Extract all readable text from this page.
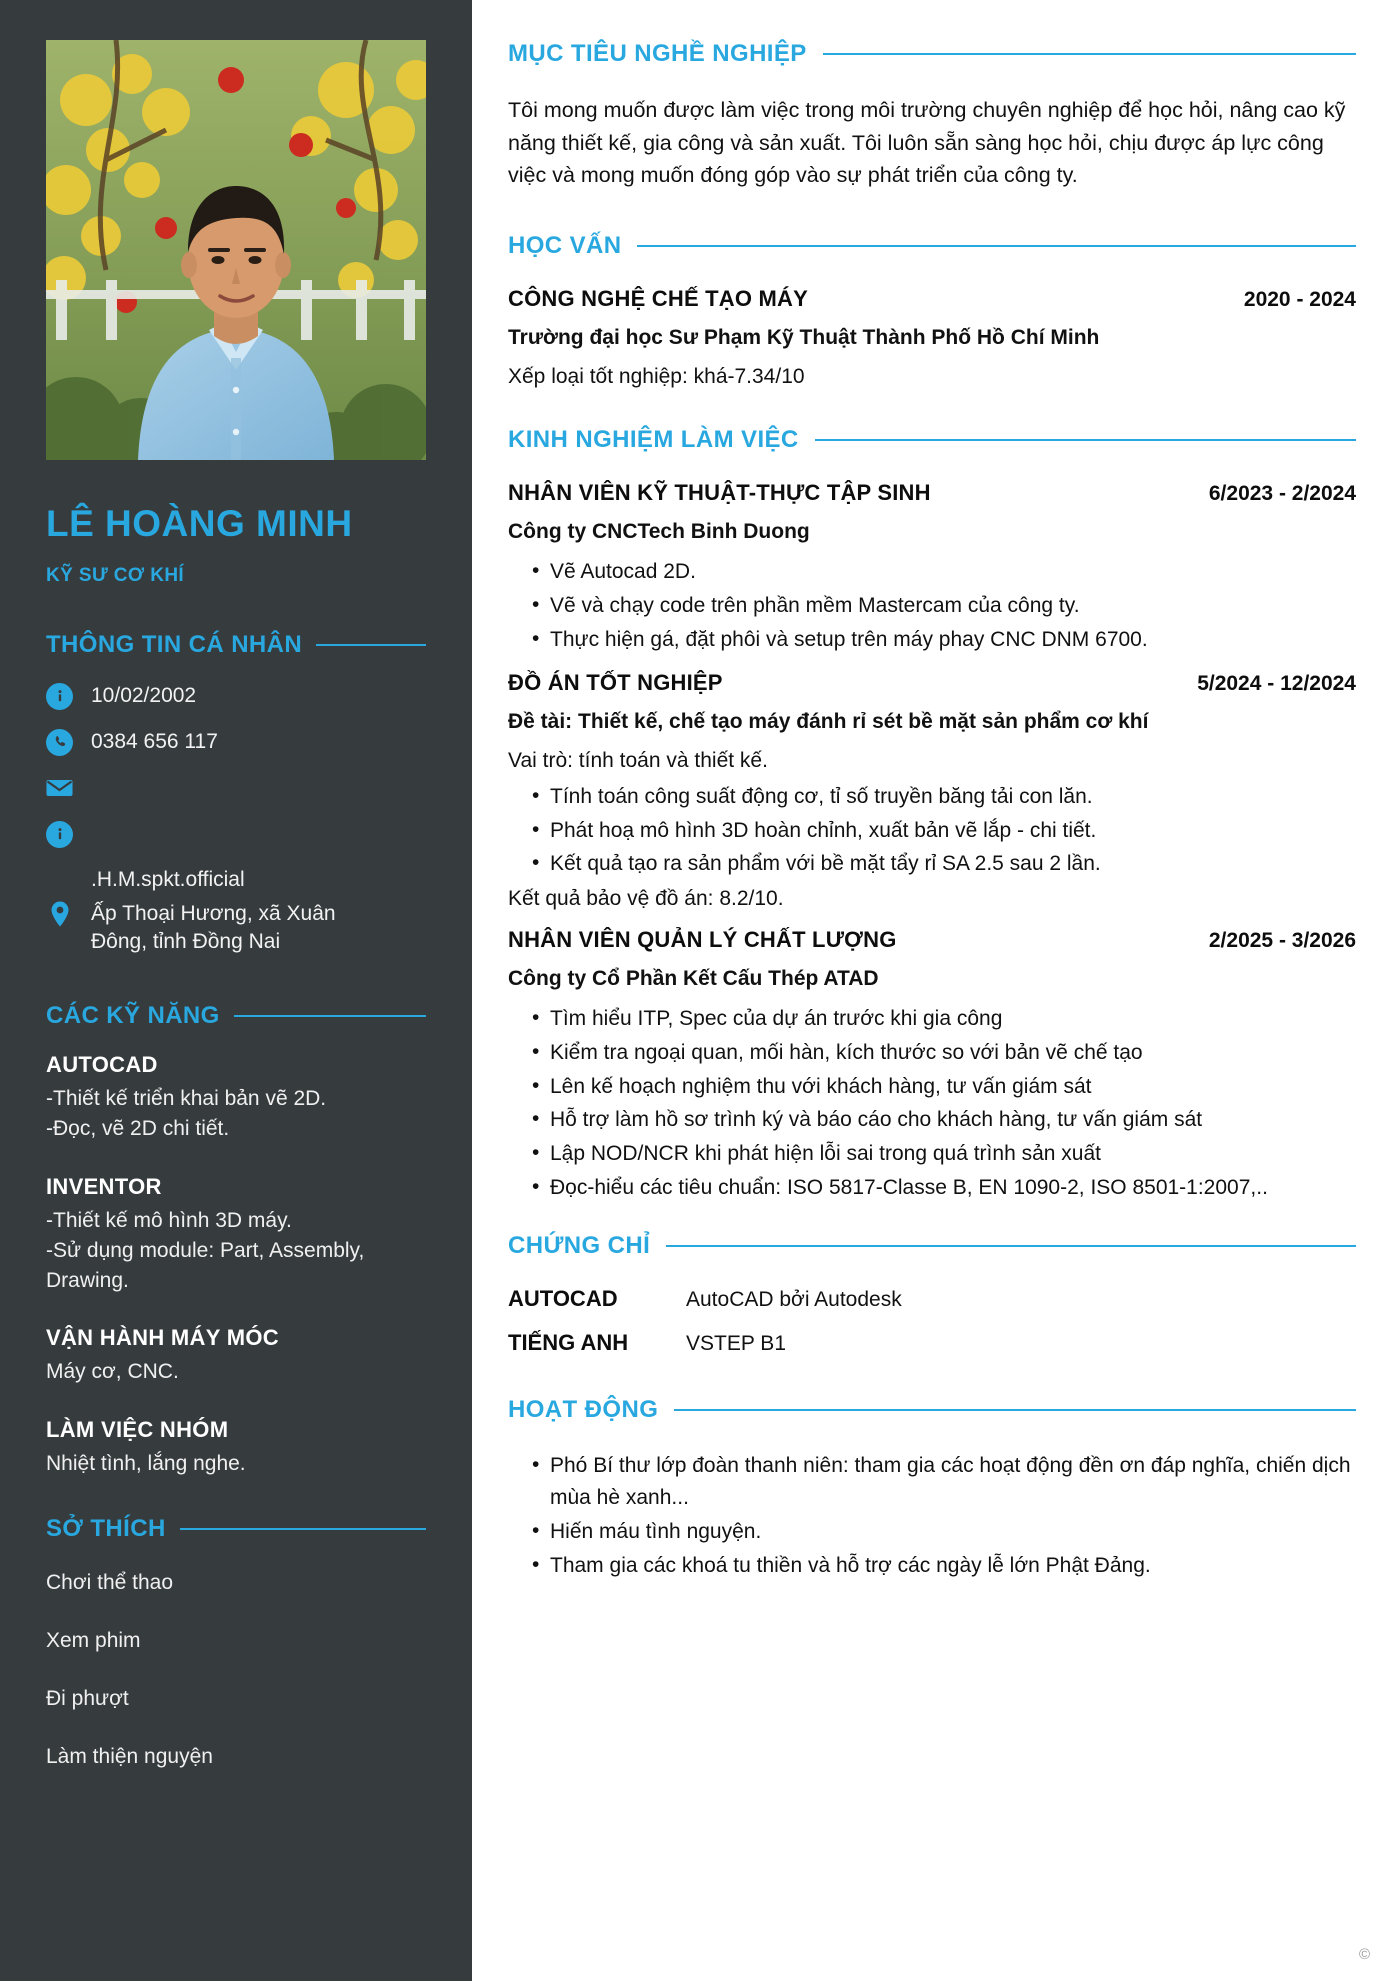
LÊ HOÀNG MINH
KỸ SƯ CƠ KHÍ
THÔNG TIN CÁ NHÂN
10/02/2002
0384 656 117
.H.M.spkt.official
Ấp Thoại Hương, xã Xuân Đông, tỉnh Đồng Nai
CÁC KỸ NĂNG
AUTOCAD
-Thiết kế triển khai bản vẽ 2D.
-Đọc, vẽ 2D chi tiết.
INVENTOR
-Thiết kế mô hình 3D máy.
-Sử dụng module: Part, Assembly, Drawing.
VẬN HÀNH MÁY MÓC
Máy cơ, CNC.
LÀM VIỆC NHÓM
Nhiệt tình, lắng nghe.
SỞ THÍCH
Chơi thể thao
Xem phim
Đi phượt
Làm thiện nguyện
MỤC TIÊU NGHỀ NGHIỆP

Tôi mong muốn được làm việc trong môi trường chuyên nghiệp để học hỏi, nâng cao kỹ năng thiết kế, gia công và sản xuất. Tôi luôn sẵn sàng học hỏi, chịu được áp lực công việc và mong muốn đóng góp vào sự phát triển của công ty.

HỌC VẤN
CÔNG NGHỆ CHẾ TẠO MÁY	2020 - 2024
Trường đại học Sư Phạm Kỹ Thuật Thành Phố Hồ Chí Minh
Xếp loại tốt nghiệp: khá-7.34/10
KINH NGHIỆM LÀM VIỆC
NHÂN VIÊN KỸ THUẬT-THỰC TẬP SINH	6/2023 - 2/2024
Công ty CNCTech Binh Duong
• Vẽ Autocad 2D.
• Vẽ và chạy code trên phần mềm Mastercam của công ty.
• Thực hiện gá, đặt phôi và setup trên máy phay CNC DNM 6700.
ĐỒ ÁN TỐT NGHIỆP	5/2024 - 12/2024
Đề tài: Thiết kế, chế tạo máy đánh rỉ sét bề mặt sản phẩm cơ khí
Vai trò: tính toán và thiết kế.
• Tính toán công suất động cơ, tỉ số truyền băng tải con lăn.
• Phát hoạ mô hình 3D hoàn chỉnh, xuất bản vẽ lắp - chi tiết.
• Kết quả tạo ra sản phẩm với bề mặt tẩy rỉ SA 2.5 sau 2 lần.
Kết quả bảo vệ đồ án: 8.2/10.
NHÂN VIÊN QUẢN LÝ CHẤT LƯỢNG	2/2025 - 3/2026
Công ty Cổ Phần Kết Cấu Thép ATAD
• Tìm hiểu ITP, Spec của dự án trước khi gia công
• Kiểm tra ngoại quan, mối hàn, kích thước so với bản vẽ chế tạo
• Lên kế hoạch nghiệm thu với khách hàng, tư vấn giám sát
• Hỗ trợ làm hồ sơ trình ký và báo cáo cho khách hàng, tư vấn giám sát
• Lập NOD/NCR khi phát hiện lỗi sai trong quá trình sản xuất
• Đọc-hiểu các tiêu chuẩn: ISO 5817-Classe B, EN 1090-2, ISO 8501-1:2007,..
CHỨNG CHỈ
AUTOCAD	AutoCAD bởi Autodesk
TIẾNG ANH	VSTEP B1
HOẠT ĐỘNG
• Phó Bí thư lớp đoàn thanh niên: tham gia các hoạt động đền ơn đáp nghĩa, chiến dịch mùa hè xanh...
• Hiến máu tình nguyện.
• Tham gia các khoá tu thiền và hỗ trợ các ngày lễ lớn Phật Đảng.
©
